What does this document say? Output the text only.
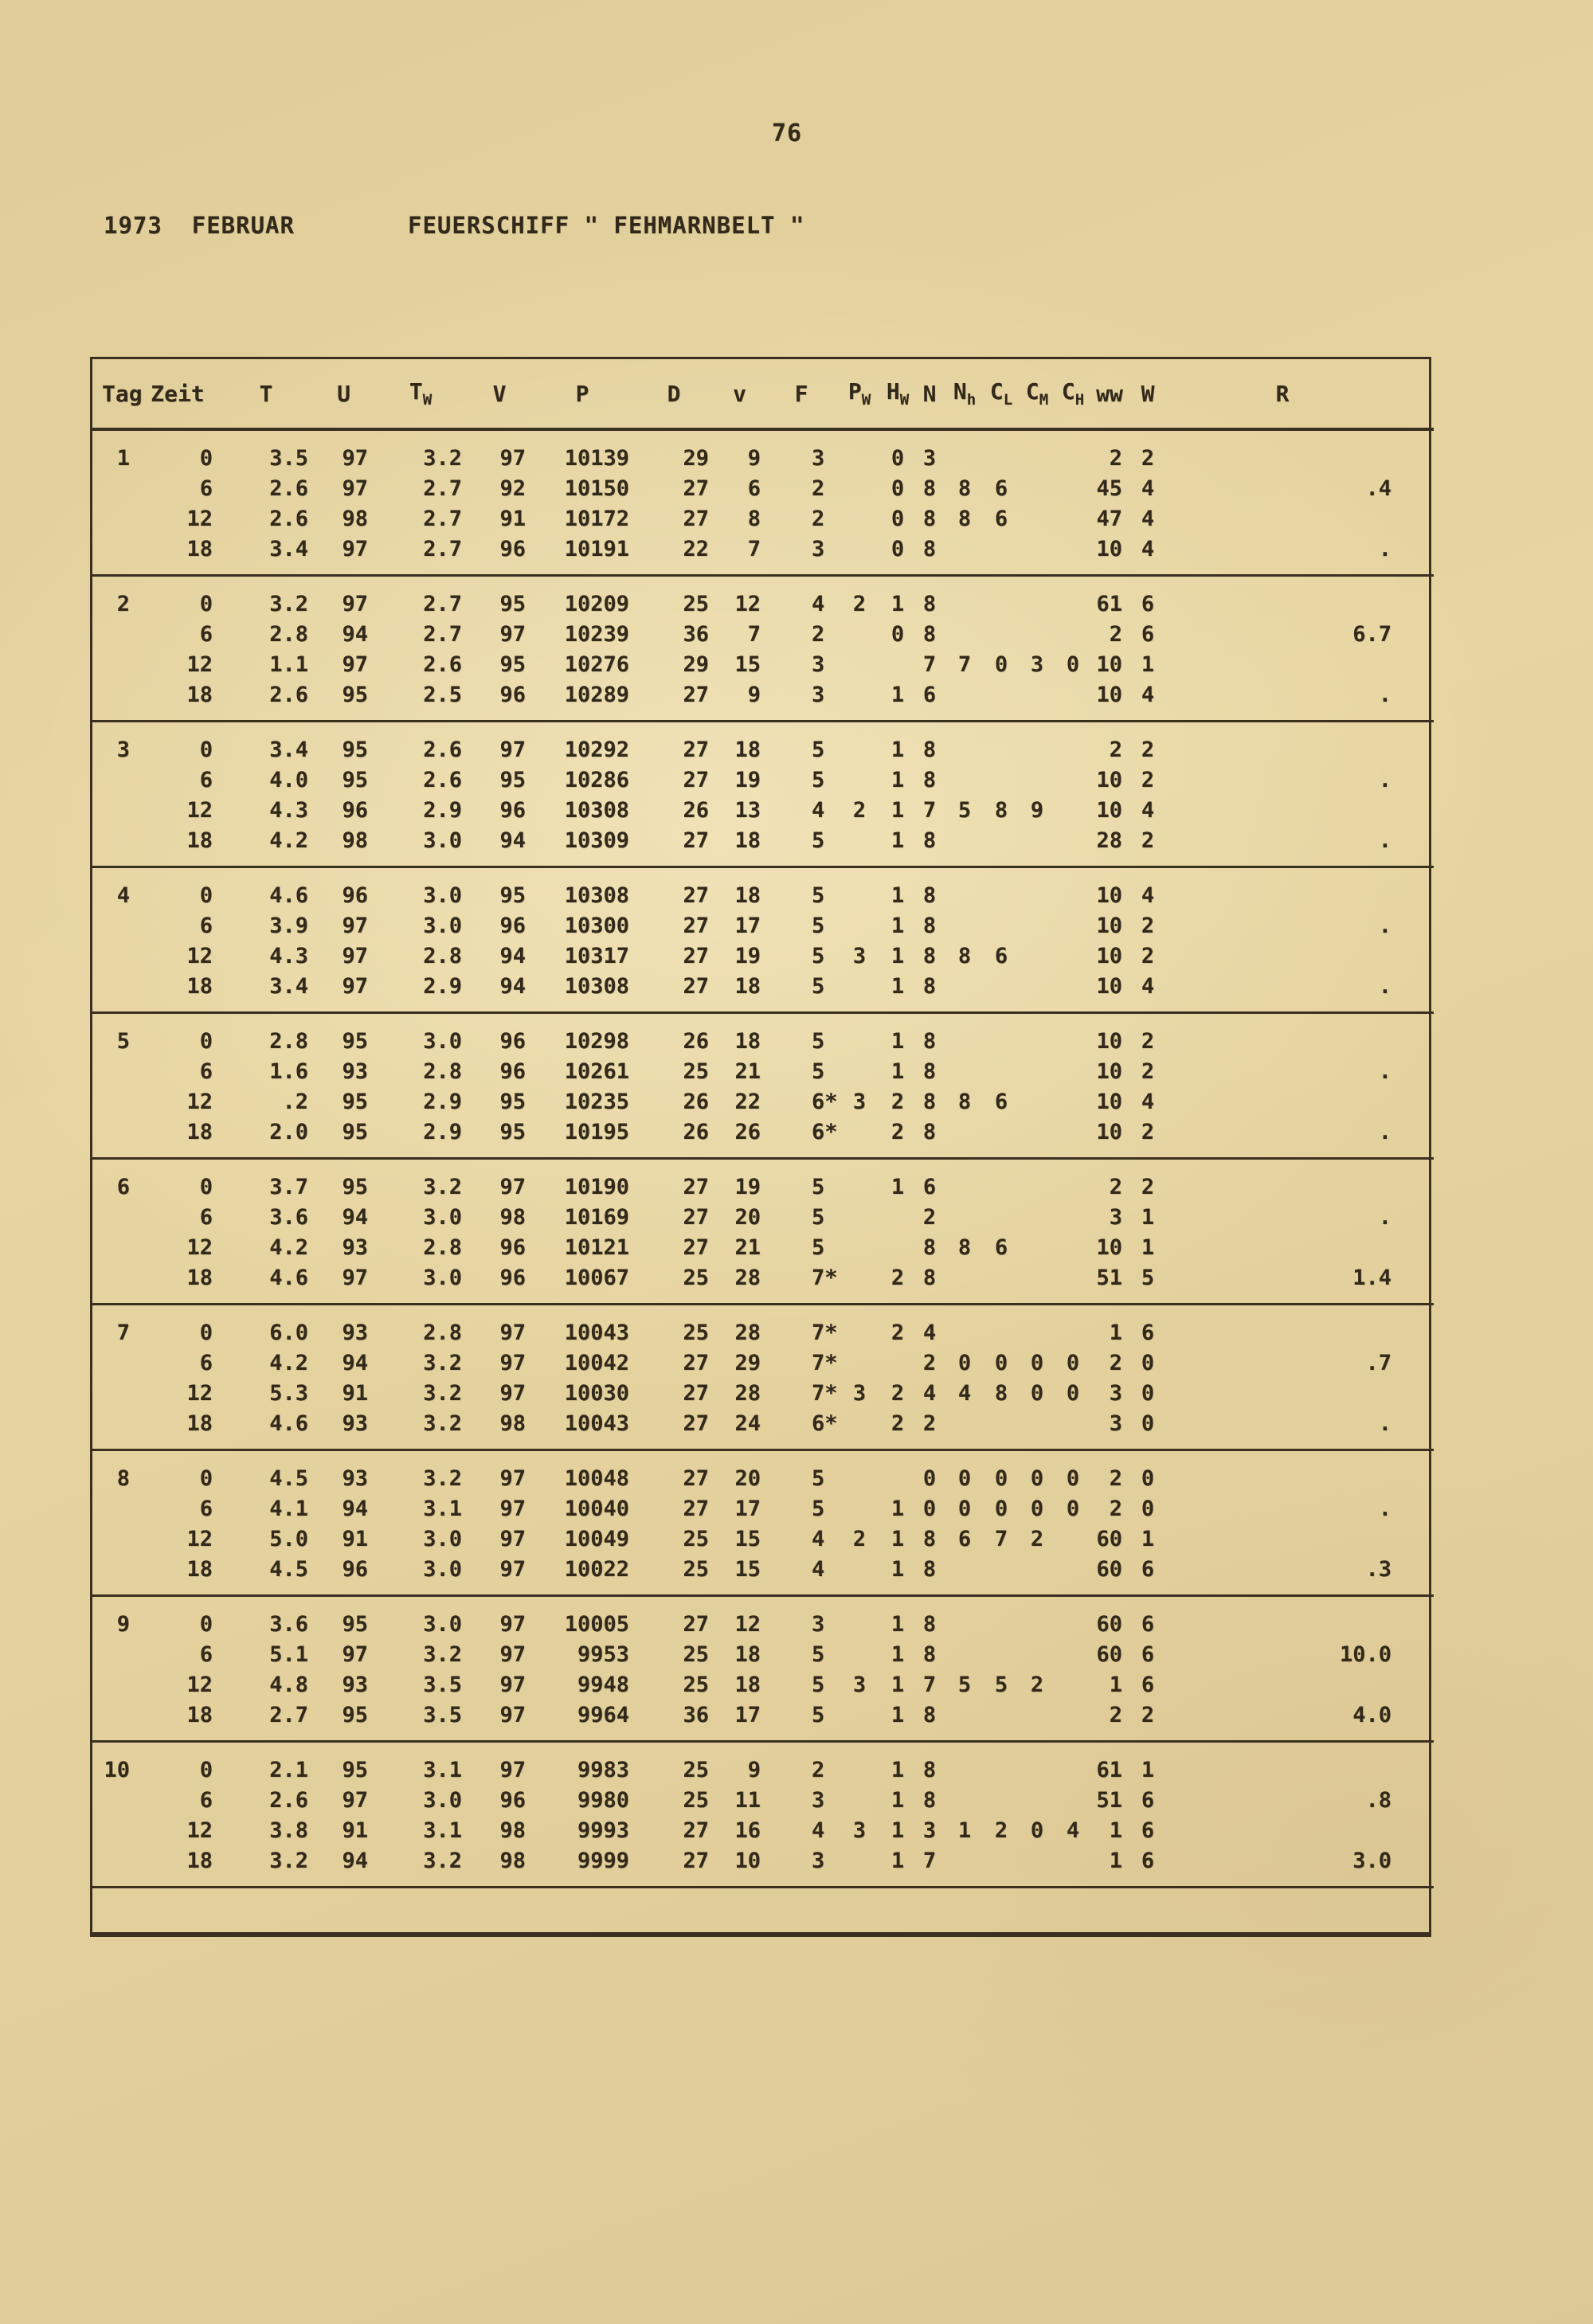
76
1973  FEBRUAR	FEUERSCHIFF " FEHMARNBELT "
Tag	Zeit	T	U	$T_W$	V	P	D	v	F	$P_W$	$H_W$	N	$N_h$	$C_L$	$C_M$	$C_H$	ww	W	R	
1	0	3.5	97	3.2	97	10139	29	9	3		0	3					2	2		
	6	2.6	97	2.7	92	10150	27	6	2		0	8	8	6			45	4	.4	
	12	2.6	98	2.7	91	10172	27	8	2		0	8	8	6			47	4		
	18	3.4	97	2.7	96	10191	22	7	3		0	8					10	4	.	
2	0	3.2	97	2.7	95	10209	25	12	4	2	1	8					61	6		
	6	2.8	94	2.7	97	10239	36	7	2		0	8					2	6	6.7	
	12	1.1	97	2.6	95	10276	29	15	3			7	7	0	3	0	10	1		
	18	2.6	95	2.5	96	10289	27	9	3		1	6					10	4	.	
3	0	3.4	95	2.6	97	10292	27	18	5		1	8					2	2		
	6	4.0	95	2.6	95	10286	27	19	5		1	8					10	2	.	
	12	4.3	96	2.9	96	10308	26	13	4	2	1	7	5	8	9		10	4		
	18	4.2	98	3.0	94	10309	27	18	5		1	8					28	2	.	
4	0	4.6	96	3.0	95	10308	27	18	5		1	8					10	4		
	6	3.9	97	3.0	96	10300	27	17	5		1	8					10	2	.	
	12	4.3	97	2.8	94	10317	27	19	5	3	1	8	8	6			10	2		
	18	3.4	97	2.9	94	10308	27	18	5		1	8					10	4	.	
5	0	2.8	95	3.0	96	10298	26	18	5		1	8					10	2		
	6	1.6	93	2.8	96	10261	25	21	5		1	8					10	2	.	
	12	.2	95	2.9	95	10235	26	22	6*	3	2	8	8	6			10	4		
	18	2.0	95	2.9	95	10195	26	26	6*		2	8					10	2	.	
6	0	3.7	95	3.2	97	10190	27	19	5		1	6					2	2		
	6	3.6	94	3.0	98	10169	27	20	5			2					3	1	.	
	12	4.2	93	2.8	96	10121	27	21	5			8	8	6			10	1		
	18	4.6	97	3.0	96	10067	25	28	7*		2	8					51	5	1.4	
7	0	6.0	93	2.8	97	10043	25	28	7*		2	4					1	6		
	6	4.2	94	3.2	97	10042	27	29	7*			2	0	0	0	0	2	0	.7	
	12	5.3	91	3.2	97	10030	27	28	7*	3	2	4	4	8	0	0	3	0		
	18	4.6	93	3.2	98	10043	27	24	6*		2	2					3	0	.	
8	0	4.5	93	3.2	97	10048	27	20	5			0	0	0	0	0	2	0		
	6	4.1	94	3.1	97	10040	27	17	5		1	0	0	0	0	0	2	0	.	
	12	5.0	91	3.0	97	10049	25	15	4	2	1	8	6	7	2		60	1		
	18	4.5	96	3.0	97	10022	25	15	4		1	8					60	6	.3	
9	0	3.6	95	3.0	97	10005	27	12	3		1	8					60	6		
	6	5.1	97	3.2	97	9953	25	18	5		1	8					60	6	10.0	
	12	4.8	93	3.5	97	9948	25	18	5	3	1	7	5	5	2		1	6		
	18	2.7	95	3.5	97	9964	36	17	5		1	8					2	2	4.0	
10	0	2.1	95	3.1	97	9983	25	9	2		1	8					61	1		
	6	2.6	97	3.0	96	9980	25	11	3		1	8					51	6	.8	
	12	3.8	91	3.1	98	9993	27	16	4	3	1	3	1	2	0	4	1	6		
	18	3.2	94	3.2	98	9999	27	10	3		1	7					1	6	3.0	
